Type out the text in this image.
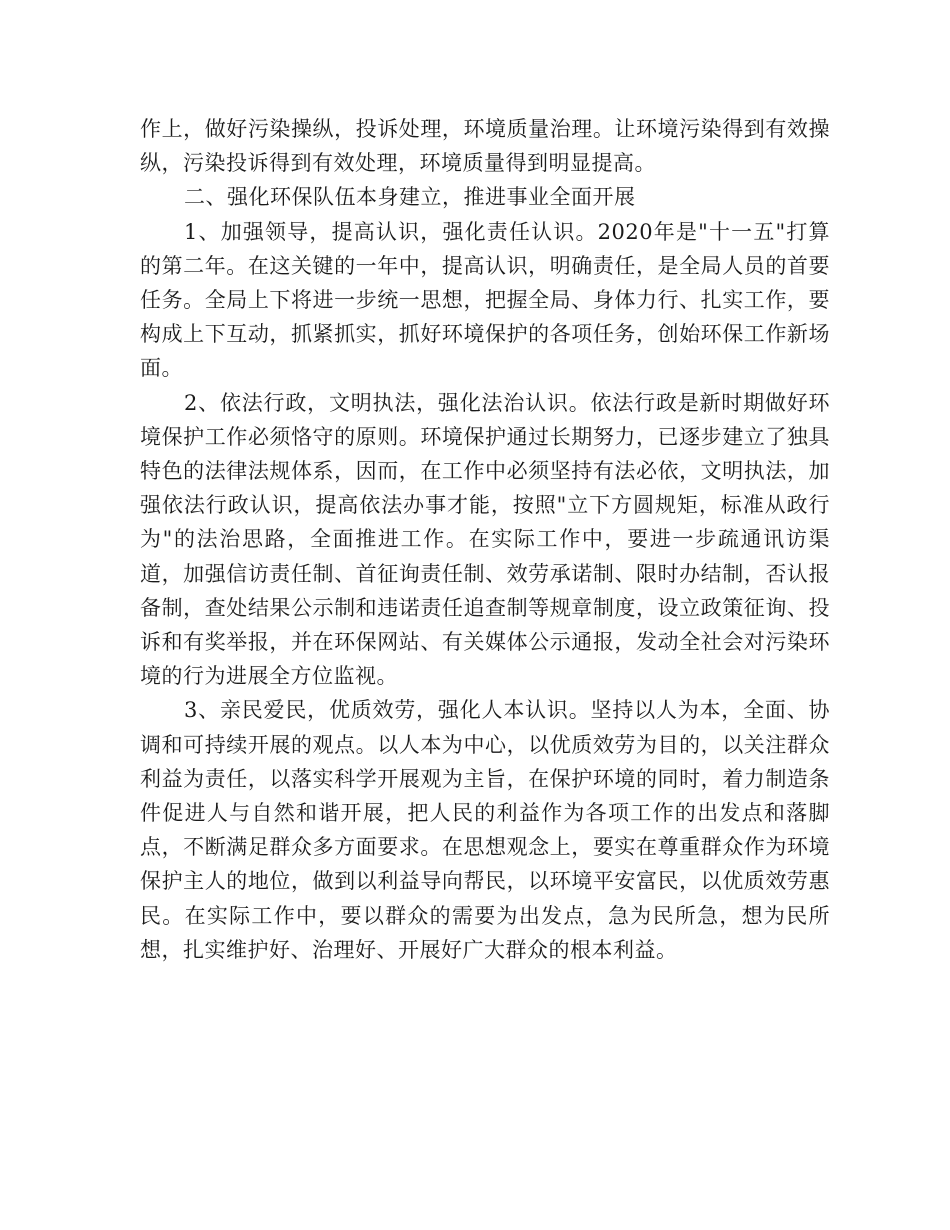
作上，做好污染操纵，投诉处理，环境质量治理。让环境污染得到有效操纵，污染投诉得到有效处理，环境质量得到明显提高。

二、强化环保队伍本身建立，推进事业全面开展

1、加强领导，提高认识，强化责任认识。2020年是"十一五"打算的第二年。在这关键的一年中，提高认识，明确责任，是全局人员的首要任务。全局上下将进一步统一思想，把握全局、身体力行、扎实工作，要构成上下互动，抓紧抓实，抓好环境保护的各项任务，创始环保工作新场面。

2、依法行政，文明执法，强化法治认识。依法行政是新时期做好环境保护工作必须恪守的原则。环境保护通过长期努力，已逐步建立了独具特色的法律法规体系，因而，在工作中必须坚持有法必依，文明执法，加强依法行政认识，提高依法办事才能，按照"立下方圆规矩，标准从政行为"的法治思路，全面推进工作。在实际工作中，要进一步疏通讯访渠道，加强信访责任制、首征询责任制、效劳承诺制、限时办结制，否认报备制，查处结果公示制和违诺责任追查制等规章制度，设立政策征询、投诉和有奖举报，并在环保网站、有关媒体公示通报，发动全社会对污染环境的行为进展全方位监视。

3、亲民爱民，优质效劳，强化人本认识。坚持以人为本，全面、协调和可持续开展的观点。以人本为中心，以优质效劳为目的，以关注群众利益为责任，以落实科学开展观为主旨，在保护环境的同时，着力制造条件促进人与自然和谐开展，把人民的利益作为各项工作的出发点和落脚点，不断满足群众多方面要求。在思想观念上，要实在尊重群众作为环境保护主人的地位，做到以利益导向帮民，以环境平安富民，以优质效劳惠民。在实际工作中，要以群众的需要为出发点，急为民所急，想为民所想，扎实维护好、治理好、开展好广大群众的根本利益。
